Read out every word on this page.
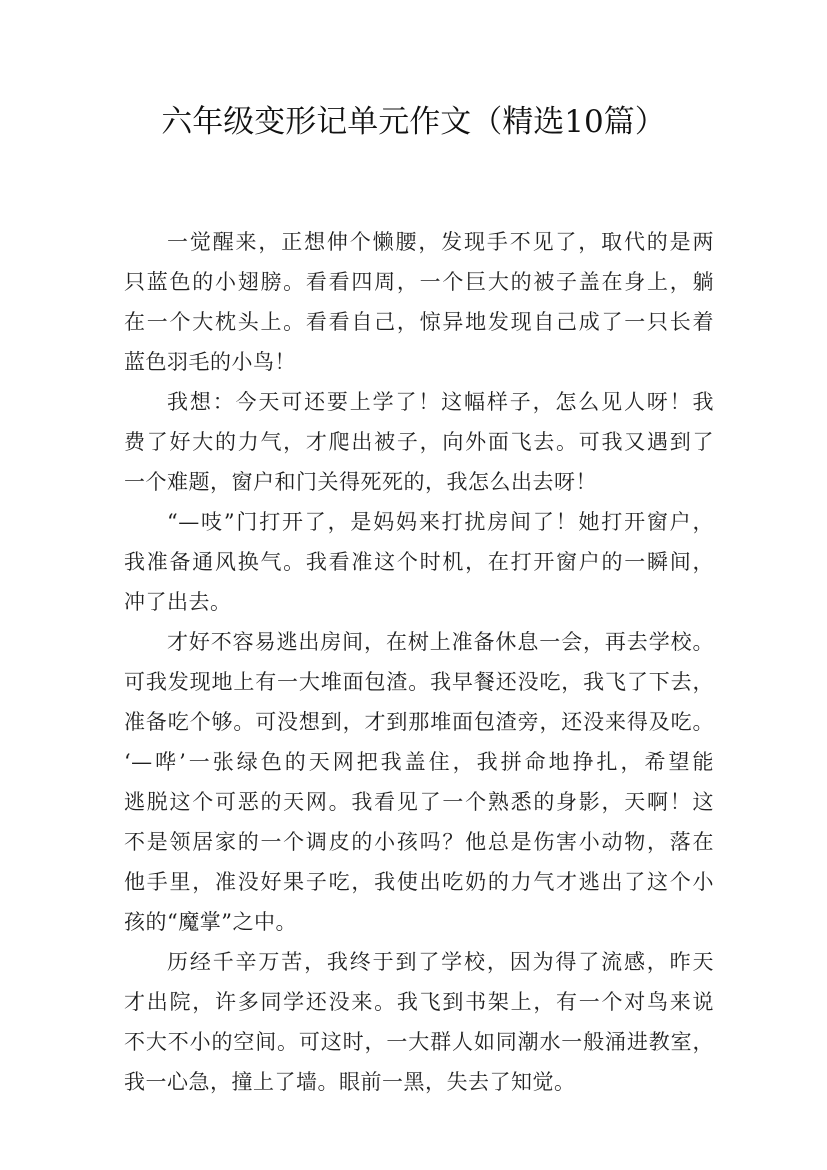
六年级变形记单元作文（精选10篇）

一觉醒来，正想伸个懒腰，发现手不见了，取代的是两
只蓝色的小翅膀。看看四周，一个巨大的被子盖在身上，躺
在一个大枕头上。看看自己，惊异地发现自己成了一只长着
蓝色羽毛的小鸟！

我想：今天可还要上学了！这幅样子，怎么见人呀！我
费了好大的力气，才爬出被子，向外面飞去。可我又遇到了
一个难题，窗户和门关得死死的，我怎么出去呀！

“—吱”门打开了，是妈妈来打扰房间了！她打开窗户，
我准备通风换气。我看准这个时机，在打开窗户的一瞬间，
冲了出去。

才好不容易逃出房间，在树上准备休息一会，再去学校。
可我发现地上有一大堆面包渣。我早餐还没吃，我飞了下去，
准备吃个够。可没想到，才到那堆面包渣旁，还没来得及吃。
‘—哗’一张绿色的天网把我盖住，我拼命地挣扎，希望能
逃脱这个可恶的天网。我看见了一个熟悉的身影，天啊！这
不是领居家的一个调皮的小孩吗？他总是伤害小动物，落在
他手里，准没好果子吃，我使出吃奶的力气才逃出了这个小
孩的“魔掌”之中。

历经千辛万苦，我终于到了学校，因为得了流感，昨天
才出院，许多同学还没来。我飞到书架上，有一个对鸟来说
不大不小的空间。可这时，一大群人如同潮水一般涌进教室，
我一心急，撞上了墙。眼前一黑，失去了知觉。
